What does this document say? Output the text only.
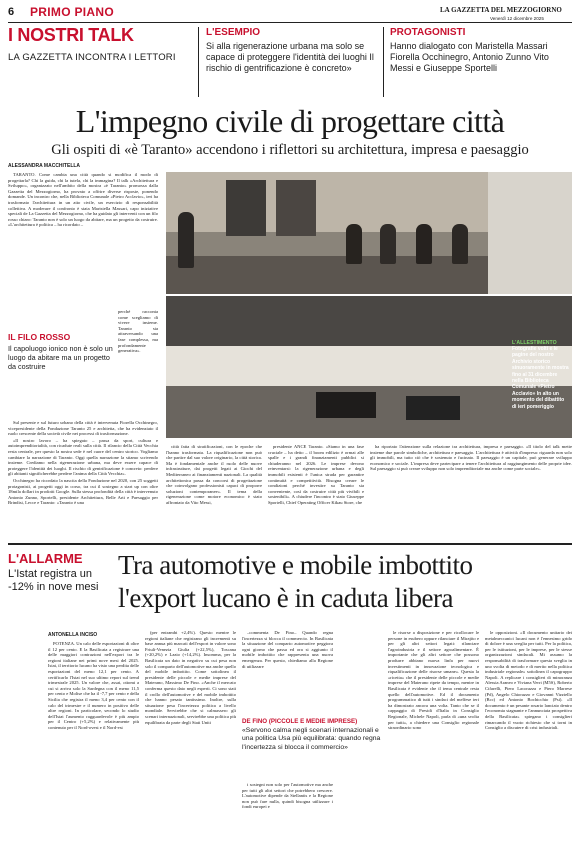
6 PRIMO PIANO	LA GAZZETTA DEL MEZZOGIORNO
Venerdì 12 dicembre 2025
I NOSTRI TALK
LA GAZZETTA INCONTRA I LETTORI
L'ESEMPIO
Si alla rigenerazione urbana ma solo se capace di proteggere l'identità dei luoghi Il rischio di gentrificazione è concreto»
PROTAGONISTI
Hanno dialogato con Maristella Massari Fiorella Occhinegro, Antonio Zunno Vito Messi e Giuseppe Sportelli
L'impegno civile di progettare città
Gli ospiti di «è Taranto» accendono i riflettori su architettura, impresa e paesaggio
ALESSANDRA MACCHITELLA

TARANTO. Come cambia una città quando si modifica il modo di progettarla? Chi la guida, chi la tutela, chi la immagina? Il talk «Architettura e Sviluppo», organizzato nell'ambito della mostra «è Taranto» promossa dalla Gazzetta del Mezzogiorno, ha provato a offrire diverse risposte, ponendo domande. Un incontro che, nella Biblioteca Comunale «Pietro Acclavio», ieri ha trasformato l'architettura in un atto civile, un esercizio di responsabilità collettiva. A moderare il confronto è stata Maristella Massari, capo iniziative speciali de La Gazzetta del Mezzogiorno, che ha guidato gli interventi con un filo rosso chiaro: Taranto non è solo un luogo da abitare, ma un progetto da costruire. «L'architettura è politica – ha ricordato –

perché racconta come scegliamo di vivere insieme. Taranto sta attraversando una fase complessa, ma profondamente generativa».

IL FILO ROSSO
Il capoluogo ionico non è solo un luogo da abitare ma un progetto da costruire

Sul presente e sul futuro urbano della città è intervenuta Fiorella Occhinegro, vicepresidente della Fondazione Taranto 25 e architetta, che ha evidenziato il ruolo crescente della società civile nei processi di trasformazione.

«Il nostro lavoro – ha spiegato – passa da sport, cultura e autoimprenditorialità, con ricadute reali sulla città. Il rilancio della Città Vecchia resta centrale, per questo la nostra sede è nel cuore del centro storico. Vogliamo cambiare la narrazione di Taranto. Oggi quella narrazione la stiamo scrivendo insieme. Crediamo nella rigenerazione urbana, ma deve essere capace di proteggere l'identità dei luoghi. Il rischio di gentrificazione è concreto: perdere gli abitanti significherebbe perdere l'anima della Città Vecchia».

Occhinegro ha ricordato la nascita della Fondazione nel 2020, con 25 soggetti protagonisti, ai progetti oggi in corso, tra cui il sostegno a start up con oltre 18mila dollari in prodotti Google. Sulla stessa profondità della città è intervenuto Antonio Zunno, Sportelli, presidente Architettura, Belle Arti e Paesaggio per Brindisi, Lecce e Taranto: «Taranto è una

L'ALLESTIMENTO
Fotografie volti e le pagine del nostro Archivio storico sinuoramente in mostra fino al 31 dicembre nella Biblioteca Comunale «Pietro Acclavio» In alto un momento del dibattito di ieri pomeriggio

città fatta di stratificazioni, con le epoche che l'hanno trasformata. La riqualificazione non può che partire dal suo valore originario, la città storica. Ma è fondamentale anche il ruolo delle nuove infrastrutture, dai progetti legati ai Giochi del Mediterraneo ai finanziamenti nazionali. La qualità architettonica passa da concorsi di progettazione che coinvolgano professionisti capaci di proporre soluzioni contemporanee». Il tema della rigenerazione come motore economico è stato affrontato da Vito Messi,

presidente ANCE Taranto. «Siamo in una fase cruciale – ha detto – il boom edilizio è ormai alle spalle e i grandi finanziamenti pubblici si chiuderanno nel 2026. Le imprese devono reinventarsi: la rigenerazione urbana e degli immobili esistenti è l'unica strada per garantire continuità e competitività. Bisogna creare le condizioni perché investire su Taranto sia conveniente, così da costruire città più vivibili e sostenibili». A chiudere l'incontro è stato Giuseppe Sportelli, Chief Operating Officer Kikau Store, che

ha riportato l'attenzione sulla relazione tra architettura, impresa e paesaggio. «Il titolo del talk mette insieme due parole simboliche, architettura e paesaggio. L'architettura è attività d'impresa: riguarda non solo gli immobili, ma tutto ciò che è sostenuto e fucinato. Il paesaggio è un capitale, può generare sviluppo economico e sociale. L'impresa deve partecipare a tenere l'architettura al raggiungimento delle proprie idee. Sul paesaggio si può creare sviluppo non solo imprenditoriale ma anche come parte sociale».

L'ALLARME
L'Istat registra un -12% in nove mesi
Tra automotive e mobile imbottito
l'export lucano è in caduta libera
ANTONELLA INCISO

POTENZA. Un calo delle esportazioni di oltre il 12 per cento. E la Basilicata a registrare una delle maggiori contrazioni nell'export tra le regioni italiane nei primi nove mesi del 2025. Istat, il territorio lucano ha visto una perdita delle esportazioni del meno 12,1 per cento. A certificarlo l'Istat nel suo ultimo report sul trend trimestrale 2025. Un valore che, assai, ottomi a cui si arriva solo la Sardegna con il meno 11,5 per cento e Molise che ha il -7,7 per cento e della Sicilia che registra il meno 3,4 per cento con il calo del trimestre e il numero in positivo delle altre regioni. In particolare, secondo lo studio dell'Istat l'aumento ragguardevole è più ampio per il Centro (+5,2%) e relativamente più contenuto per il Nord-ovest e il Nord-est

(per entrambi +2,4%). Questo mentre le regioni italiane che registrano gli incrementi su base annua più marcati dell'export in valore sono Friuli-Venezia Giulia (+22,5%), Toscana (+20,2%) e Lazio (+14,2%). Insomma, per la Basilicata un dato in negativo su cui pesa non solo il comparto dell'automotive ma anche quello del mobile imbottito. Come sottolinea il presidente delle piccole e medie imprese del Materano, Massimo De Fino. «Anche il mercato conferma questo dato negli esperti. Ci sono stati il crollo dell'automotive e del mobile imbottito che hanno pesato tantissimo. Inoltre, sulla situazione pesa l'incertezza politica a livello mondiale. Servirebbe che si calmassero gli scenari internazionali, servirebbe una politica più equilibrata da parte degli Stati Uniti

–commenta De Fino– Quando regna l'incertezza si blocca il commercio. In Basilicata la situazione del comparto automotive peggiora ogni giorno che passa ed ora si aggiunto il mobile imbottito che rappresenta una nuova emergenza. Per questo, chiediamo alla Regione di utilizzare

DE FINO (PICCOLE E MEDIE IMPRESE)
«Servono calma negli scenari internazionali e una politica Usa più equilibrata: quando regna l'incertezza si blocca il commercio»

i sostegni non solo per l'automotive ma anche per tutti gli altri settori che potrebbero crescere. L'automotive dipende da Stellantis e la Regione non può fare nulla, quindi bisogna utilizzare i fondi europei e

le risorse a disposizione e per ricollocare le persone in esubero oppure rilanciare il Mirajito e per gli altri settori legati: rilanciare l'agroindustria e il settore agroalimentare. È importante che gli altri settore che possono produrre abbiano nuova linfa per nuovi investimenti in innovazione tecnologica e riqualificazione delle risorse umane». Questa la «ricetta» che il presidente delle piccole e medie imprese del Materano ripete da tempo, mentre in Basilicata è evidente che il tema centrale resta quello dell'automotive. Ed il documento programmatico di tutti i sindaci del melfese ieri ha dimostrato ancora una volta. Tanto che se il cappaggio di Presidi d'Italia in Consiglio Regionale, Michele Napoli, parla di «una svolta per tutti», a chiedere una Consiglio regionale straordinario sono

le opposizioni. «Il documento unitario dei metalmeccanici lucani non è l'ennesimo grido di dolore è una sveglia per tutti. Per la politica, per le istituzioni, per le imprese, per le stesse organizzazioni sindacali. Mi assumo la responsabilità di trasformare questa sveglia in uno svolta di metodo e di merito nella politica industriale regionale» sottolinea il capogruppo Napoli. A replicare i consiglieri di minoranza Alessia Araneo e Viviana Verri (M5S), Roberto Cifarelli, Piero Lacorazza e Piero Marrese (Pd), Angelo Chiorazzo e Giovanni Vizziello (Bcc) ed Antonio Bochicchio (Psi). «Il documento è un pesante rosario lanciato dentro l'economia stagnante e l'annunciata prospettiva della Basilicata» spiegano i consiglieri rimarcando il vuoto richiesto che si torni in Consiglio a discutere di crisi industriali.
